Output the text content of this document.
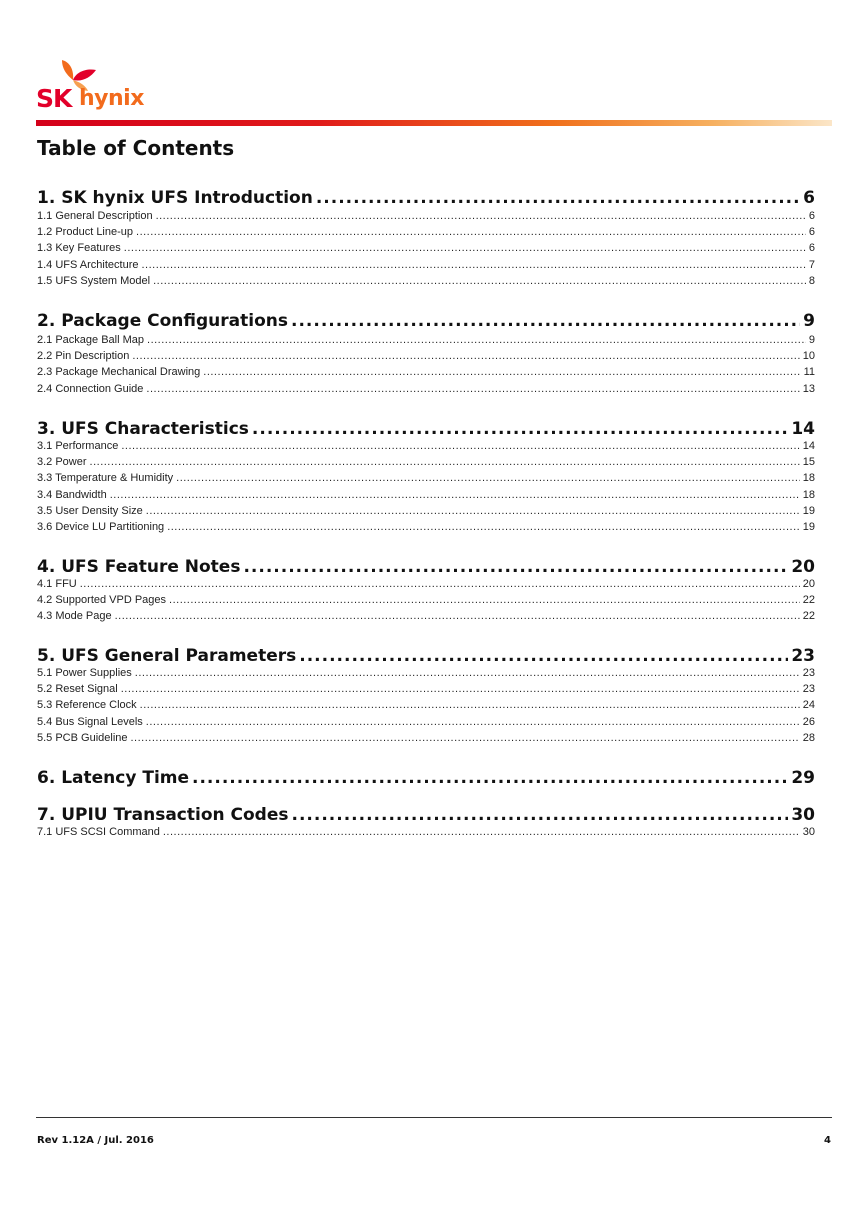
SK hynix
Table of Contents
1. SK hynix UFS Introduction .....	6
1.1 General Description .....	6
1.2 Product Line-up .....	6
1.3 Key Features .....	6
1.4 UFS Architecture .....	7
1.5 UFS System Model .....	8
2. Package Configurations .....	9
2.1 Package Ball Map .....	9
2.2 Pin Description .....	10
2.3 Package Mechanical Drawing .....	11
2.4 Connection Guide .....	13
3. UFS Characteristics .....	14
3.1 Performance .....	14
3.2 Power .....	15
3.3 Temperature & Humidity .....	18
3.4 Bandwidth .....	18
3.5 User Density Size .....	19
3.6 Device LU Partitioning .....	19
4. UFS Feature Notes .....	20
4.1 FFU .....	20
4.2 Supported VPD Pages .....	22
4.3 Mode Page .....	22
5. UFS General Parameters .....	23
5.1 Power Supplies .....	23
5.2 Reset Signal .....	23
5.3 Reference Clock .....	24
5.4 Bus Signal Levels .....	26
5.5 PCB Guideline .....	28
6. Latency Time .....	29
7. UPIU Transaction Codes .....	30
7.1 UFS SCSI Command .....	30
Rev 1.12A / Jul. 2016	4
